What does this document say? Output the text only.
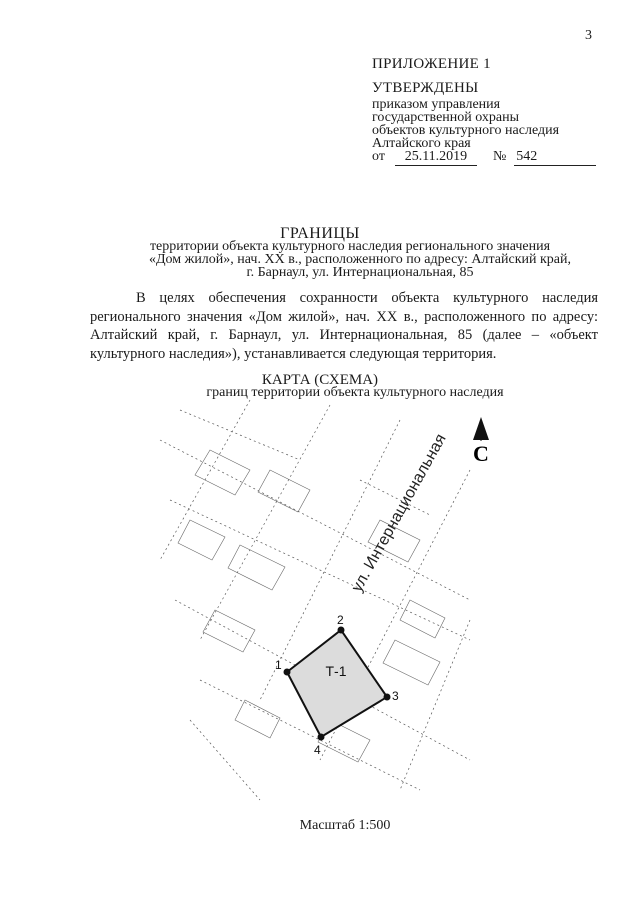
3
ПРИЛОЖЕНИЕ 1
УТВЕРЖДЕНЫ
приказом управления
государственной охраны
объектов культурного наследия
Алтайского края
от 25.11.2019 № 542
ГРАНИЦЫ
территории объекта культурного наследия регионального значения
«Дом жилой», нач. XX в., расположенного по адресу: Алтайский край,
г. Барнаул, ул. Интернациональная, 85
В целях обеспечения сохранности объекта культурного наследия регионального значения «Дом жилой», нач. XX в., расположенного по адресу: Алтайский край, г. Барнаул, ул. Интернациональная, 85 (далее – «объект культурного наследия»), устанавливается следующая территория.
КАРТА (СХЕМА)
границ территории объекта культурного наследия
С
ул. Интернациональная
Т-1
1
2
3
4
Масштаб 1:500
